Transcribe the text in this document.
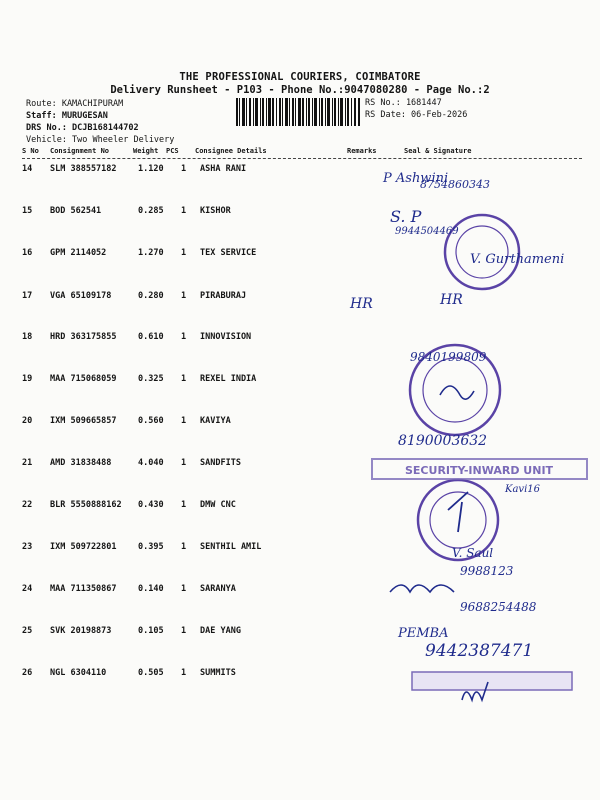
THE PROFESSIONAL COURIERS, COIMBATORE
Delivery Runsheet - P103 - Phone No.:9047080280 - Page No.:2
Route: KAMACHIPURAM
Staff: MURUGESAN
DRS No.: DCJB168144702
Vehicle: Two Wheeler Delivery
RS No.: 1681447
RS Date: 06-Feb-2026
S No Consignment No	Weight PCS Consignee Details	Remarks	Seal & Signature
14 SLM 388557182	1.120 1 ASHA RANI
15 BOD 562541	0.285 1 KISHOR
16 GPM 2114052	1.270 1 TEX SERVICE
17 VGA 65109178	0.280 1 PIRABURAJ
18 HRD 363175855	0.610 1 INNOVISION
19 MAA 715068059	0.325 1 REXEL INDIA
20 IXM 509665857	0.560 1 KAVIYA
21 AMD 31838488	4.040 1 SANDFITS
22 BLR 5550888162 0.430 1 DMW CNC
23 IXM 509722801	0.395 1 SENTHIL AMIL
24 MAA 711350867	0.140 1 SARANYA
25 SVK 20198873	0.105 1 DAE YANG
26 NGL 6304110	0.505 1 SUMMITS
SECURITY-INWARD UNIT
P Ashwini
8754860343
S. P
9944504469
V. Gurthameni
HR	HR
9840199809
8190003632
Kavi16
V. Saul
9988123
9688254488
PEMBA
9442387471
